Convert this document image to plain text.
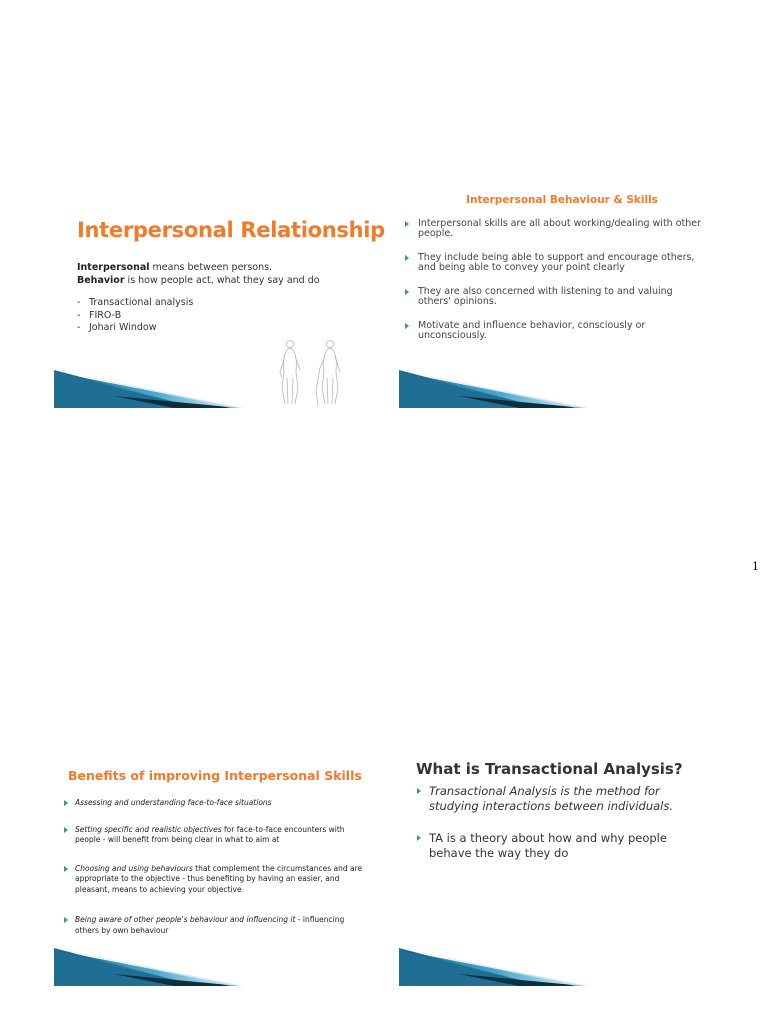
Interpersonal Relationship
Interpersonal means between persons.
Behavior is how people act, what they say and do
- Transactional analysis
- FIRO-B
- Johari Window
Interpersonal Behaviour & Skills
Interpersonal skills are all about working/dealing with other people.
They include being able to support and encourage others, and being able to convey your point clearly
They are also concerned with listening to and valuing others' opinions.
Motivate and influence behavior, consciously or unconsciously.
1
Benefits of improving Interpersonal Skills
Assessing and understanding face-to-face situations
Setting specific and realistic objectives for face-to-face encounters with people - will benefit from being clear in what to aim at
Choosing and using behaviours that complement the circumstances and are appropriate to the objective - thus benefiting by having an easier, and pleasant, means to achieving your objective
Being aware of other people's behaviour and influencing it - influencing others by own behaviour
What is Transactional Analysis?
Transactional Analysis is the method for studying interactions between individuals.
TA is a theory about how and why people behave the way they do
